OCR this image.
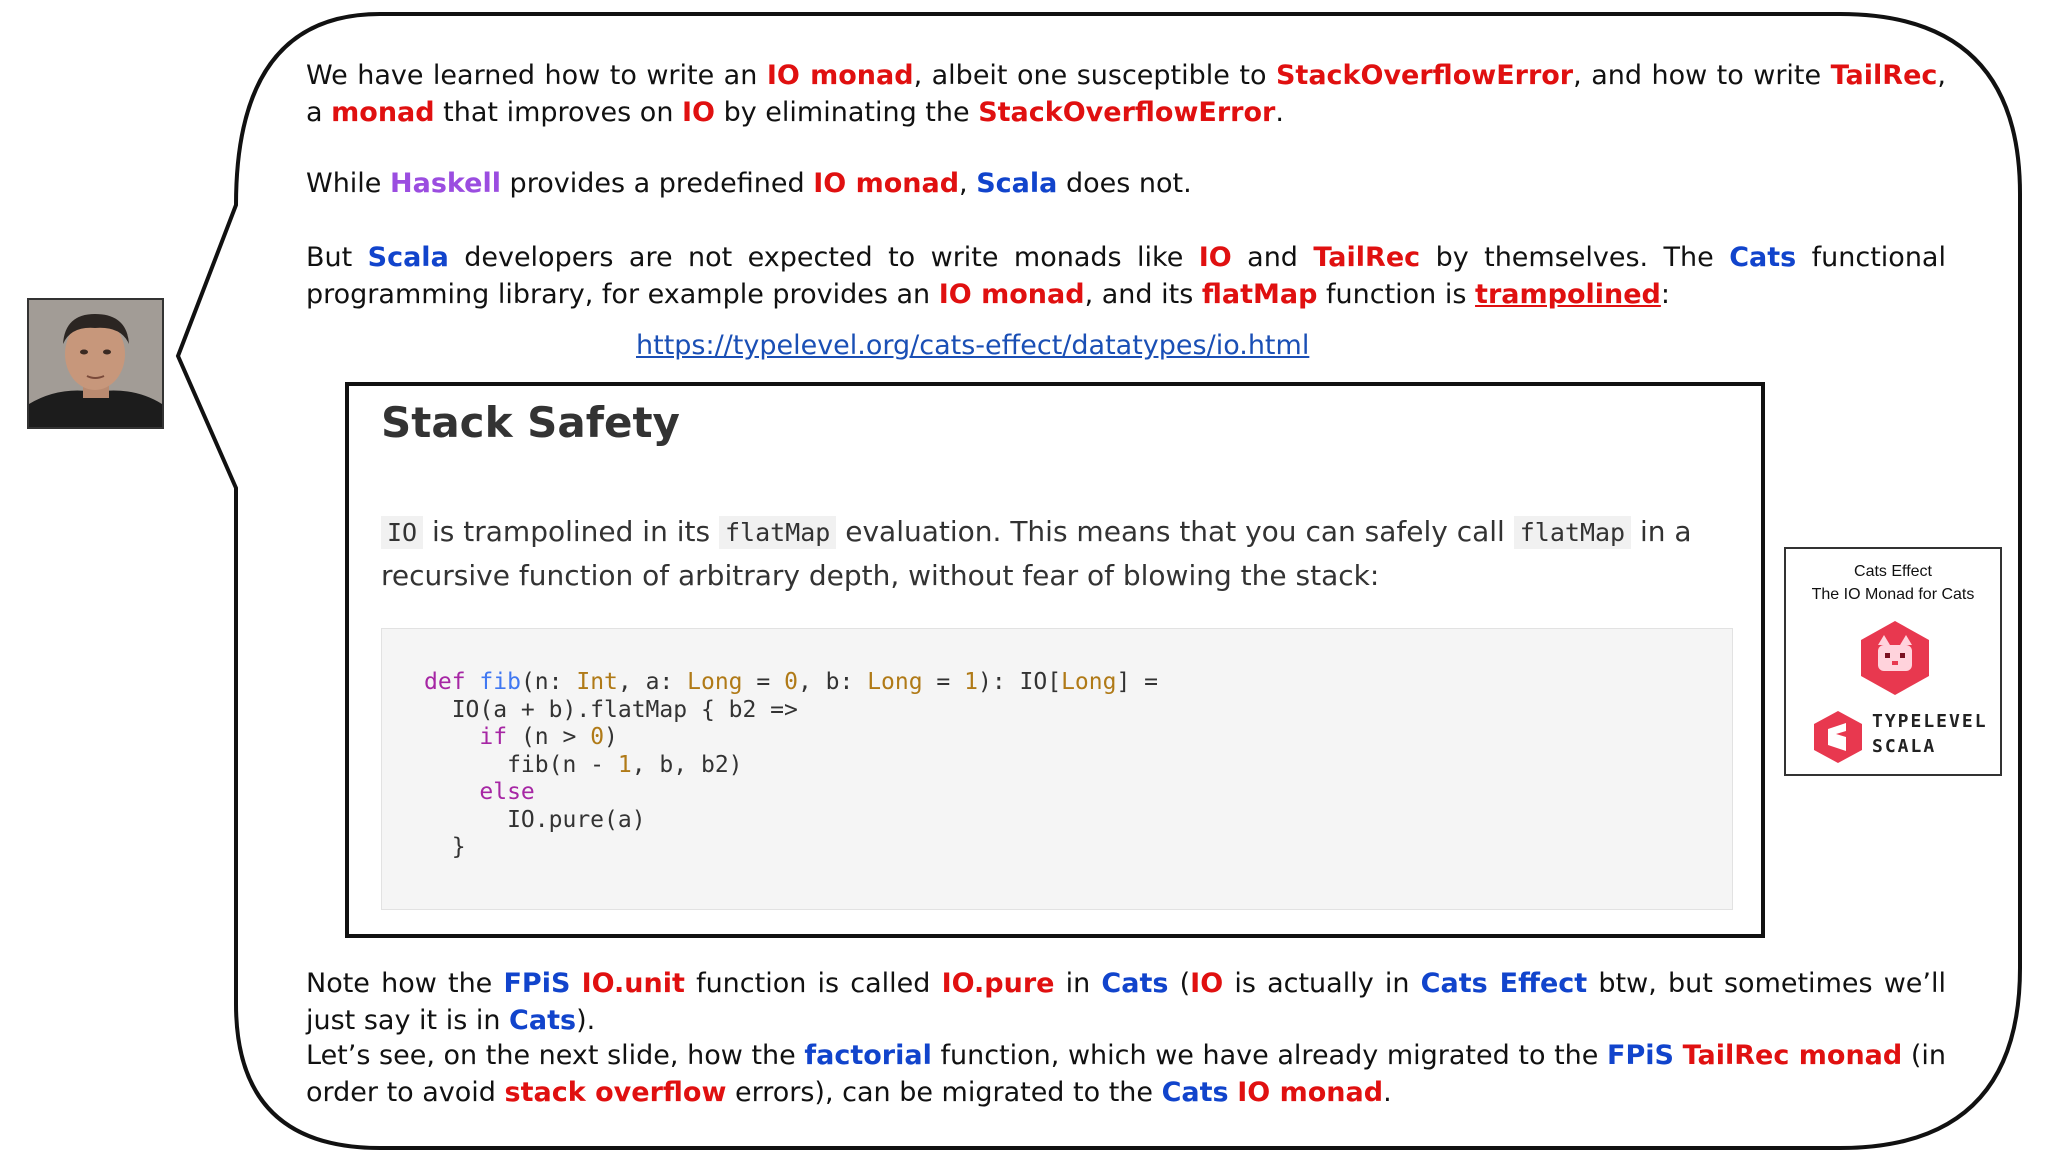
We have learned how to write an IO monad, albeit one susceptible to StackOverflowError, and how to write TailRec, a monad that improves on IO by eliminating the StackOverflowError.

While Haskell provides a predefined IO monad, Scala does not.

But Scala developers are not expected to write monads like IO and TailRec by themselves. The Cats functional programming library, for example provides an IO monad, and its flatMap function is trampolined:

https://typelevel.org/cats-effect/datatypes/io.html
Stack Safety

IO is trampolined in its flatMap evaluation. This means that you can safely call flatMap in a recursive function of arbitrary depth, without fear of blowing the stack:

def fib(n: Int, a: Long = 0, b: Long = 1): IO[Long] =
IO(a + b).flatMap { b2 =>
if (n > 0)
fib(n - 1, b, b2)
else
IO.pure(a)
}
Cats Effect
The IO Monad for Cats
TYPELEVEL
SCALA

Note how the FPiS IO.unit function is called IO.pure in Cats (IO is actually in Cats Effect btw, but sometimes we’ll just say it is in Cats).

Let’s see, on the next slide, how the factorial function, which we have already migrated to the FPiS TailRec monad (in order to avoid stack overflow errors), can be migrated to the Cats IO monad.
